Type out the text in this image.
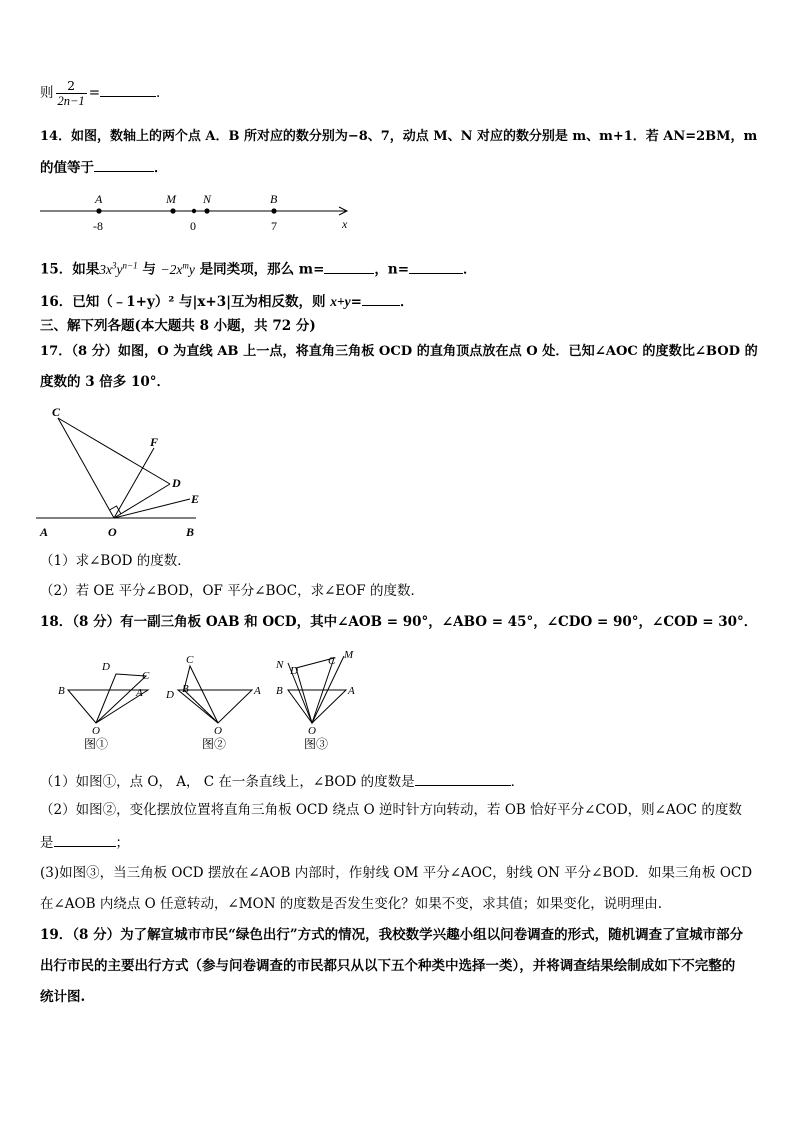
则 $\frac{2}{2n-1}$ =	.
14．如图，数轴上的两个点 A．B 所对应的数分别为−8、7，动点 M、N 对应的数分别是 m、m+1．若 AN=2BM，m
的值等于	．
A	M N	B
-8	0	7	x
15．如果$3x^3y^{n-1}$ 与 $-2x^my$ 是同类项，那么 m=	，n=	．
16．已知（﹣1+y）² 与|x+3|互为相反数，则 x+y=	．
三、解下列各题(本大题共 8 小题，共 72 分)
17．（8 分）如图，O 为直线 AB 上一点，将直角三角板 OCD 的直角顶点放在点 O 处．已知∠AOC 的度数比∠BOD 的
度数的 3 倍多 10°．
C
F
D
E
A	O	B
（1）求∠BOD 的度数．
（2）若 OE 平分∠BOD，OF 平分∠BOC，求∠EOF 的度数．
18．（8 分）有一副三角板 OAB 和 OCD，其中∠AOB = 90°，∠ABO = 45°，∠CDO = 90°，∠COD = 30°．
D
C
B	A
O
图①
C
B
D	A
O
图②
N D
C M
B	A
O
图③
（1）如图①，点 O， A， C 在一条直线上，∠BOD 的度数是	．
（2）如图②，变化摆放位置将直角三角板 OCD 绕点 O 逆时针方向转动，若 OB 恰好平分∠COD，则∠AOC 的度数
是	；
(3)如图③，当三角板 OCD 摆放在∠AOB 内部时，作射线 OM 平分∠AOC，射线 ON 平分∠BOD．如果三角板 OCD
在∠AOB 内绕点 O 任意转动，∠MON 的度数是否发生变化？如果不变，求其值；如果变化，说明理由.
19．（8 分）为了解宣城市市民“绿色出行”方式的情况，我校数学兴趣小组以问卷调查的形式，随机调查了宣城市部分
出行市民的主要出行方式（参与问卷调查的市民都只从以下五个种类中选择一类），并将调查结果绘制成如下不完整的
统计图.
